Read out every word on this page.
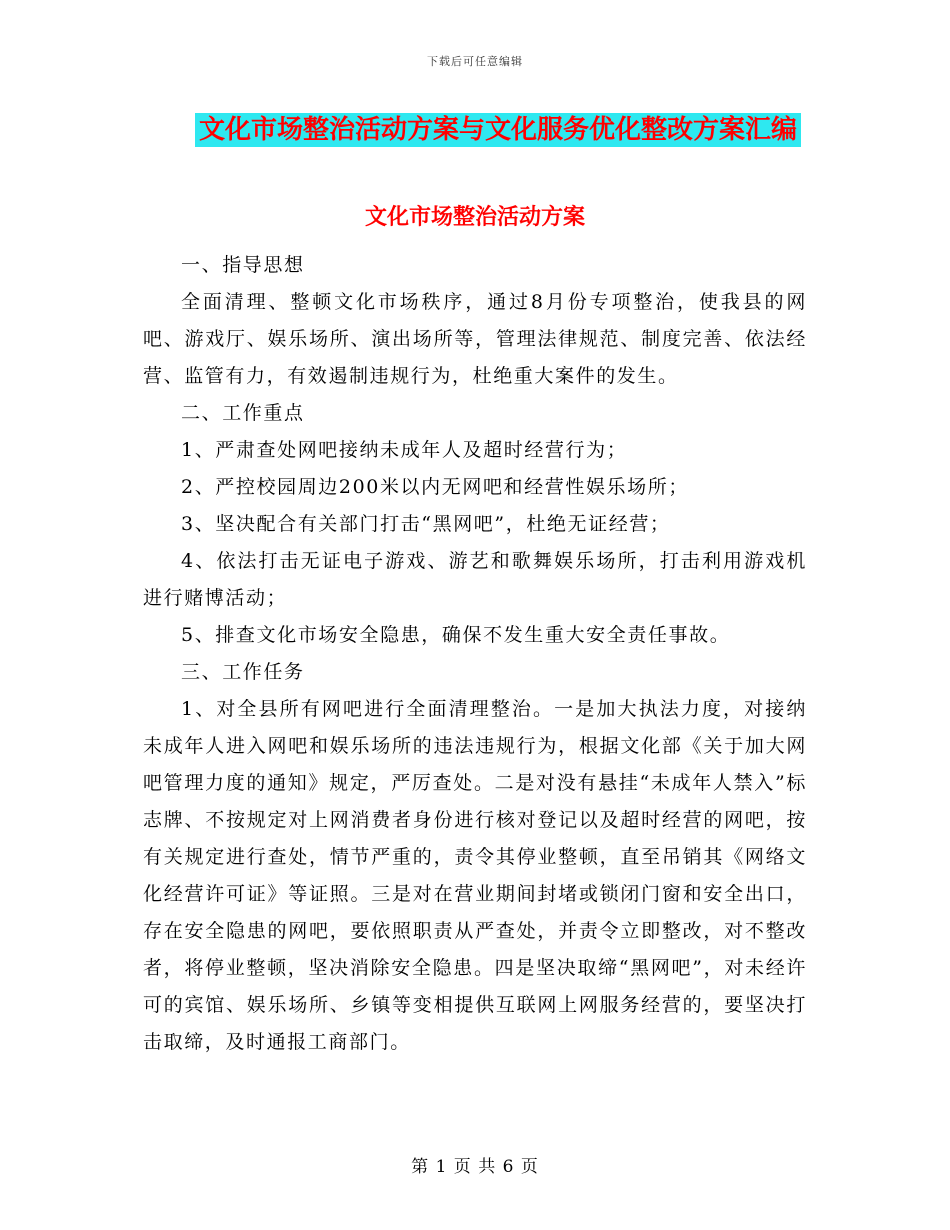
下载后可任意编辑
文化市场整治活动方案与文化服务优化整改方案汇编
文化市场整治活动方案

一、指导思想

全面清理、整顿文化市场秩序，通过8月份专项整治，使我县的网吧、游戏厅、娱乐场所、演出场所等，管理法律规范、制度完善、依法经营、监管有力，有效遏制违规行为，杜绝重大案件的发生。

二、工作重点

1、严肃查处网吧接纳未成年人及超时经营行为；

2、严控校园周边200米以内无网吧和经营性娱乐场所；

3、坚决配合有关部门打击“黑网吧”，杜绝无证经营；

4、依法打击无证电子游戏、游艺和歌舞娱乐场所，打击利用游戏机进行赌博活动；

5、排查文化市场安全隐患，确保不发生重大安全责任事故。

三、工作任务

1、对全县所有网吧进行全面清理整治。一是加大执法力度，对接纳未成年人进入网吧和娱乐场所的违法违规行为，根据文化部《关于加大网吧管理力度的通知》规定，严厉查处。二是对没有悬挂“未成年人禁入”标志牌、不按规定对上网消费者身份进行核对登记以及超时经营的网吧，按有关规定进行查处，情节严重的，责令其停业整顿，直至吊销其《网络文化经营许可证》等证照。三是对在营业期间封堵或锁闭门窗和安全出口，存在安全隐患的网吧，要依照职责从严查处，并责令立即整改，对不整改者，将停业整顿，坚决消除安全隐患。四是坚决取缔“黑网吧”，对未经许可的宾馆、娱乐场所、乡镇等变相提供互联网上网服务经营的，要坚决打击取缔，及时通报工商部门。

第 1 页 共 6 页
